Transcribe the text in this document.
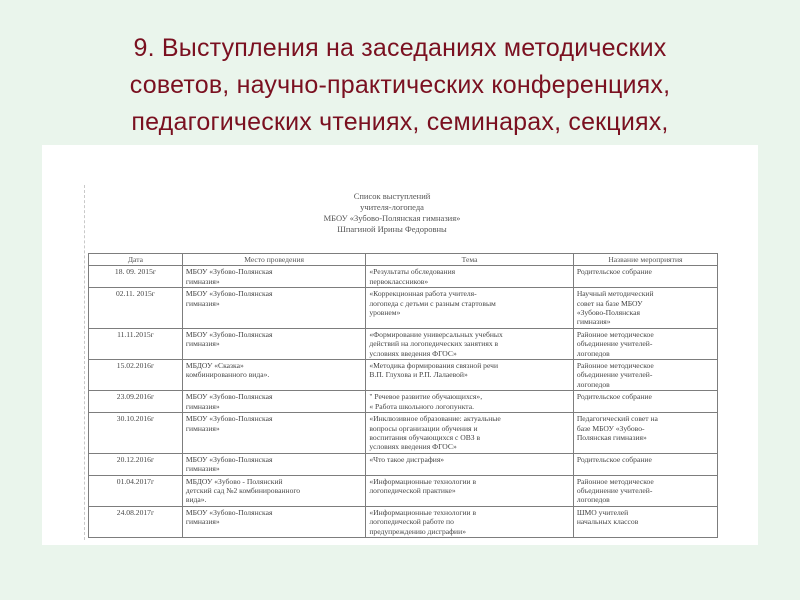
9. Выступления на заседаниях методических
советов, научно-практических конференциях,
педагогических чтениях, семинарах, секциях,
Список выступлений
учителя-логопеда
МБОУ «Зубово-Полянская гимназия»
Шпагиной Ирины Федоровны
Дата	Место проведения	Тема	Название мероприятия
18. 09. 2015г	МБОУ «Зубово-Полянская
гимназия»	«Результаты обследования
первоклассников»	Родительское собрание

02.11. 2015г	МБОУ «Зубово-Полянская
гимназия»	«Коррекционная работа учителя-
логопеда с детьми с разным стартовым
уровнем»	Научный методический
совет на базе МБОУ
«Зубово-Полянская
гимназия»

11.11.2015г	МБОУ «Зубово-Полянская
гимназия»	«Формирование универсальных учебных
действий на логопедических занятиях в
условиях введения ФГОС»	Районное методическое
объединение учителей-
логопедов

15.02.2016г	МБДОУ «Сказка»
комбинированного вида».	«Методика формирования связной речи
В.П. Глухова и Р.П. Лалаевой»	Районное методическое
объединение учителей-
логопедов

23.09.2016г	МБОУ «Зубово-Полянская
гимназия»	" Речевое развитие обучающихся»,
« Работа школьного логопункта.	Родительское собрание

30.10.2016г	МБОУ «Зубово-Полянская
гимназия»	«Инклюзивное образование: актуальные
вопросы организации обучения и
воспитания обучающихся с ОВЗ в
условиях введения ФГОС»	Педагогический совет на
базе МБОУ «Зубово-
Полянская гимназия»

20.12.2016г	МБОУ «Зубово-Полянская
гимназия»	«Что такое дисграфия»	Родительское собрание

01.04.2017г	МБДОУ «Зубово - Полянский
детский сад №2 комбинированного
вида».	«Информационные технологии в
логопедической практике»	Районное методическое
объединение учителей-
логопедов

24.08.2017г	МБОУ «Зубово-Полянская
гимназия»	«Информационные технологии в
логопедической работе по
предупреждению дисграфии»	ШМО учителей
начальных классов
